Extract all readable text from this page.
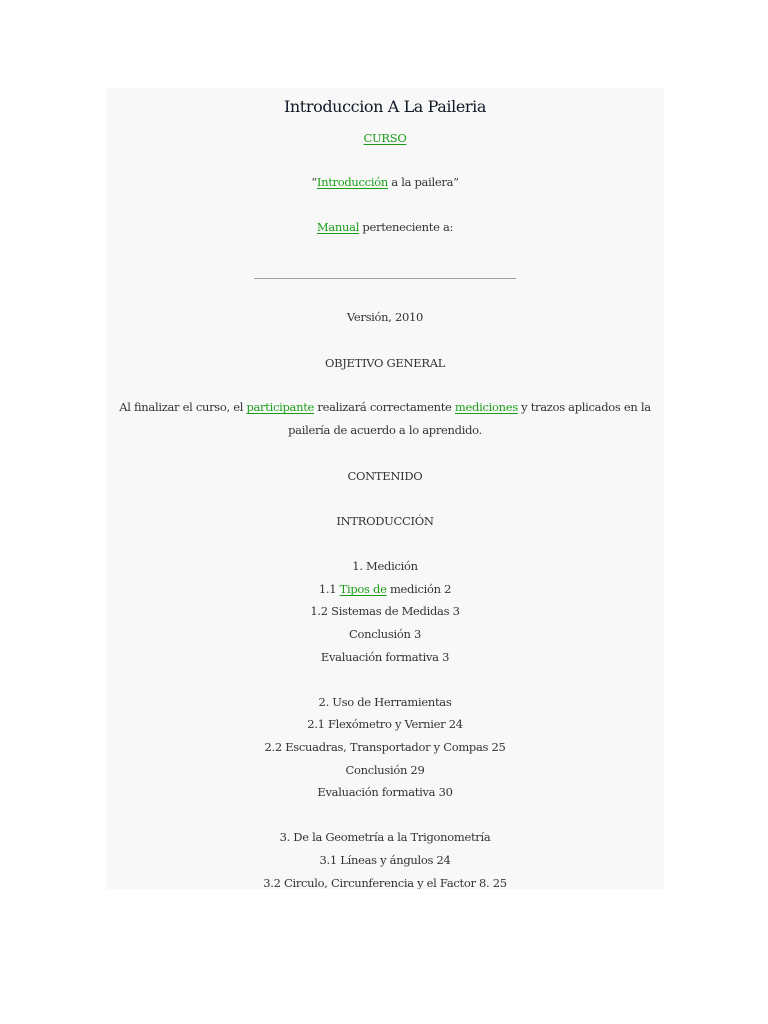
Introduccion A La Paileria

CURSO

“Introducción a la pailera”

Manual perteneciente a:

________________________________________________

Versión, 2010

OBJETIVO GENERAL

Al finalizar el curso, el participante realizará correctamente mediciones y trazos aplicados en la pailería de acuerdo a lo aprendido.

CONTENIDO

INTRODUCCIÓN

1. Medición

1.1 Tipos de medición 2

1.2 Sistemas de Medidas 3

Conclusión 3

Evaluación formativa 3

2. Uso de Herramientas

2.1 Flexómetro y Vernier 24

2.2 Escuadras, Transportador y Compas 25

Conclusión 29

Evaluación formativa 30

3. De la Geometría a la Trigonometría

3.1 Líneas y ángulos 24

3.2 Circulo, Circunferencia y el Factor 8. 25
